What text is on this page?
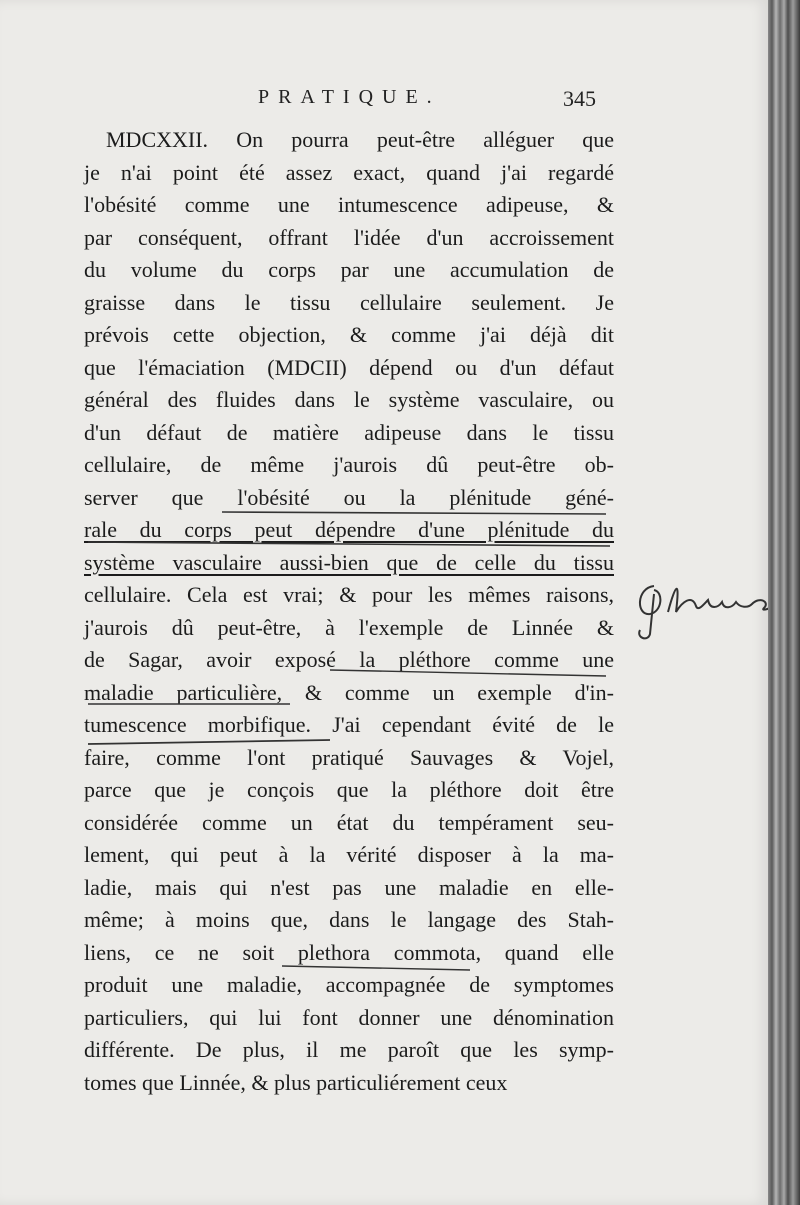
PRATIQUE.	345
MDCXXII. On pourra peut-être alléguer que
je n'ai point été assez exact, quand j'ai regardé
l'obésité comme une intumescence adipeuse, &
par conséquent, offrant l'idée d'un accroissement
du volume du corps par une accumulation de
graisse dans le tissu cellulaire seulement. Je
prévois cette objection, & comme j'ai déjà dit
que l'émaciation (MDCII) dépend ou d'un défaut
général des fluides dans le système vasculaire, ou
d'un défaut de matière adipeuse dans le tissu
cellulaire, de même j'aurois dû peut-être ob-
server que l'obésité ou la plénitude géné-
rale du corps peut dépendre d'une plénitude du
système vasculaire aussi-bien que de celle du tissu
cellulaire. Cela est vrai; & pour les mêmes raisons,
j'aurois dû peut-être, à l'exemple de Linnée &
de Sagar, avoir exposé la pléthore comme une
maladie particulière, & comme un exemple d'in-
tumescence morbifique. J'ai cependant évité de le
faire, comme l'ont pratiqué Sauvages & Vojel,
parce que je conçois que la pléthore doit être
considérée comme un état du tempérament seu-
lement, qui peut à la vérité disposer à la ma-
ladie, mais qui n'est pas une maladie en elle-
même; à moins que, dans le langage des Stah-
liens, ce ne soit plethora commota, quand elle
produit une maladie, accompagnée de symptomes
particuliers, qui lui font donner une dénomination
différente. De plus, il me paroît que les symp-
tomes que Linnée, & plus particuliérement ceux
